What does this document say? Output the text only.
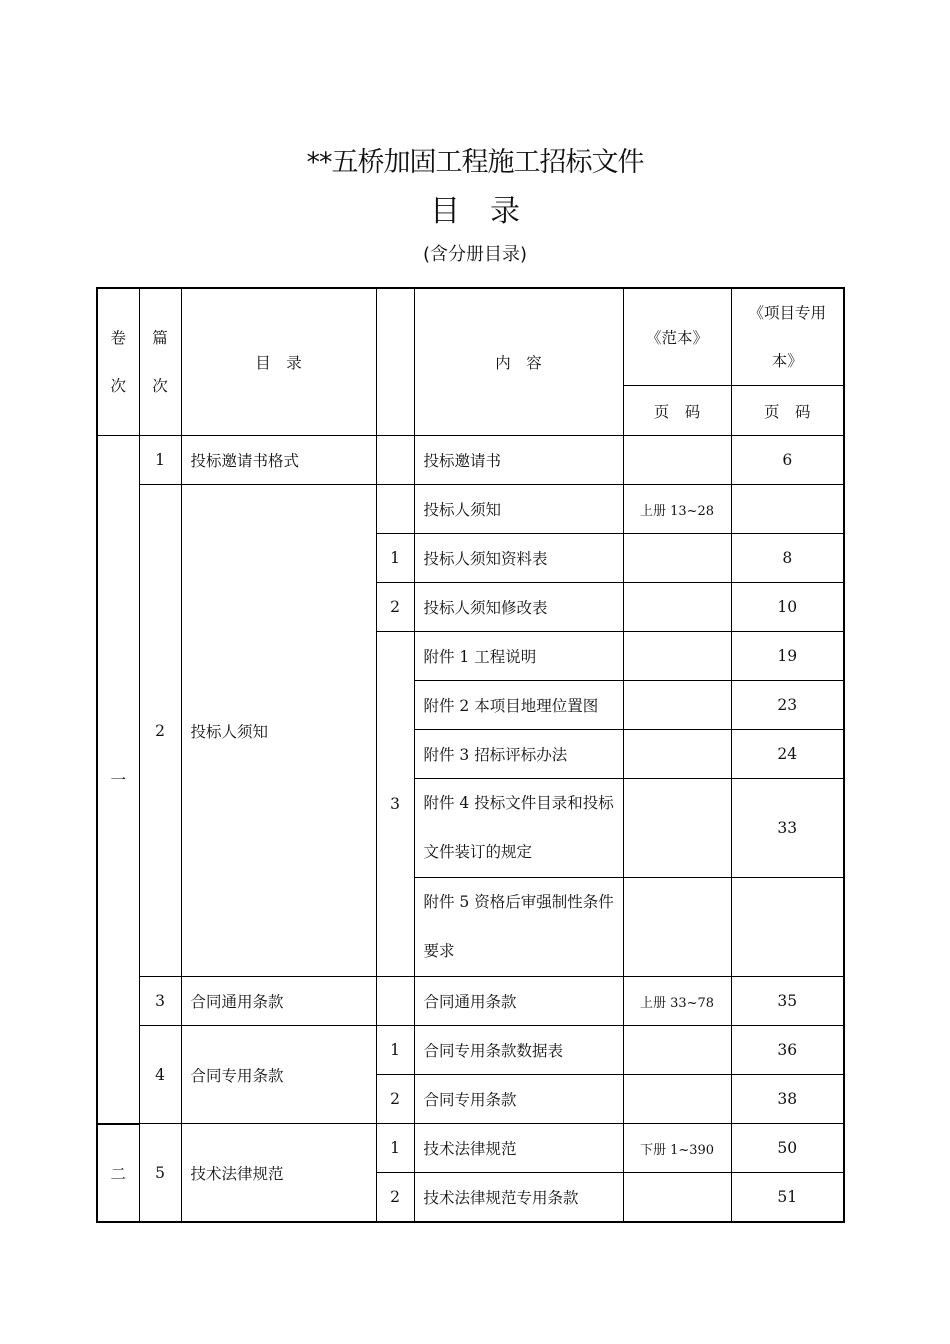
**五桥加固工程施工招标文件
目　录
(含分册目录)
卷
次	篇
次	目　录		内　容	《范本》	《项目专用
本》

					页　码	页　码
一	1	投标邀请书格式		投标邀请书		6
	2	投标人须知		投标人须知	上册 13~28	
			1	投标人须知资料表		8
			2	投标人须知修改表		10
			3	附件 1 工程说明		19
				附件 2 本项目地理位置图		23
				附件 3 招标评标办法		24
				附件 4 投标文件目录和投标文件装订的规定		33

				附件 5 资格后审强制性条件要求		

	3	合同通用条款		合同通用条款	上册 33~78	35
	4	合同专用条款	1	合同专用条款数据表		36
			2	合同专用条款		38
二	5	技术法律规范	1	技术法律规范	下册 1~390	50
			2	技术法律规范专用条款		51
